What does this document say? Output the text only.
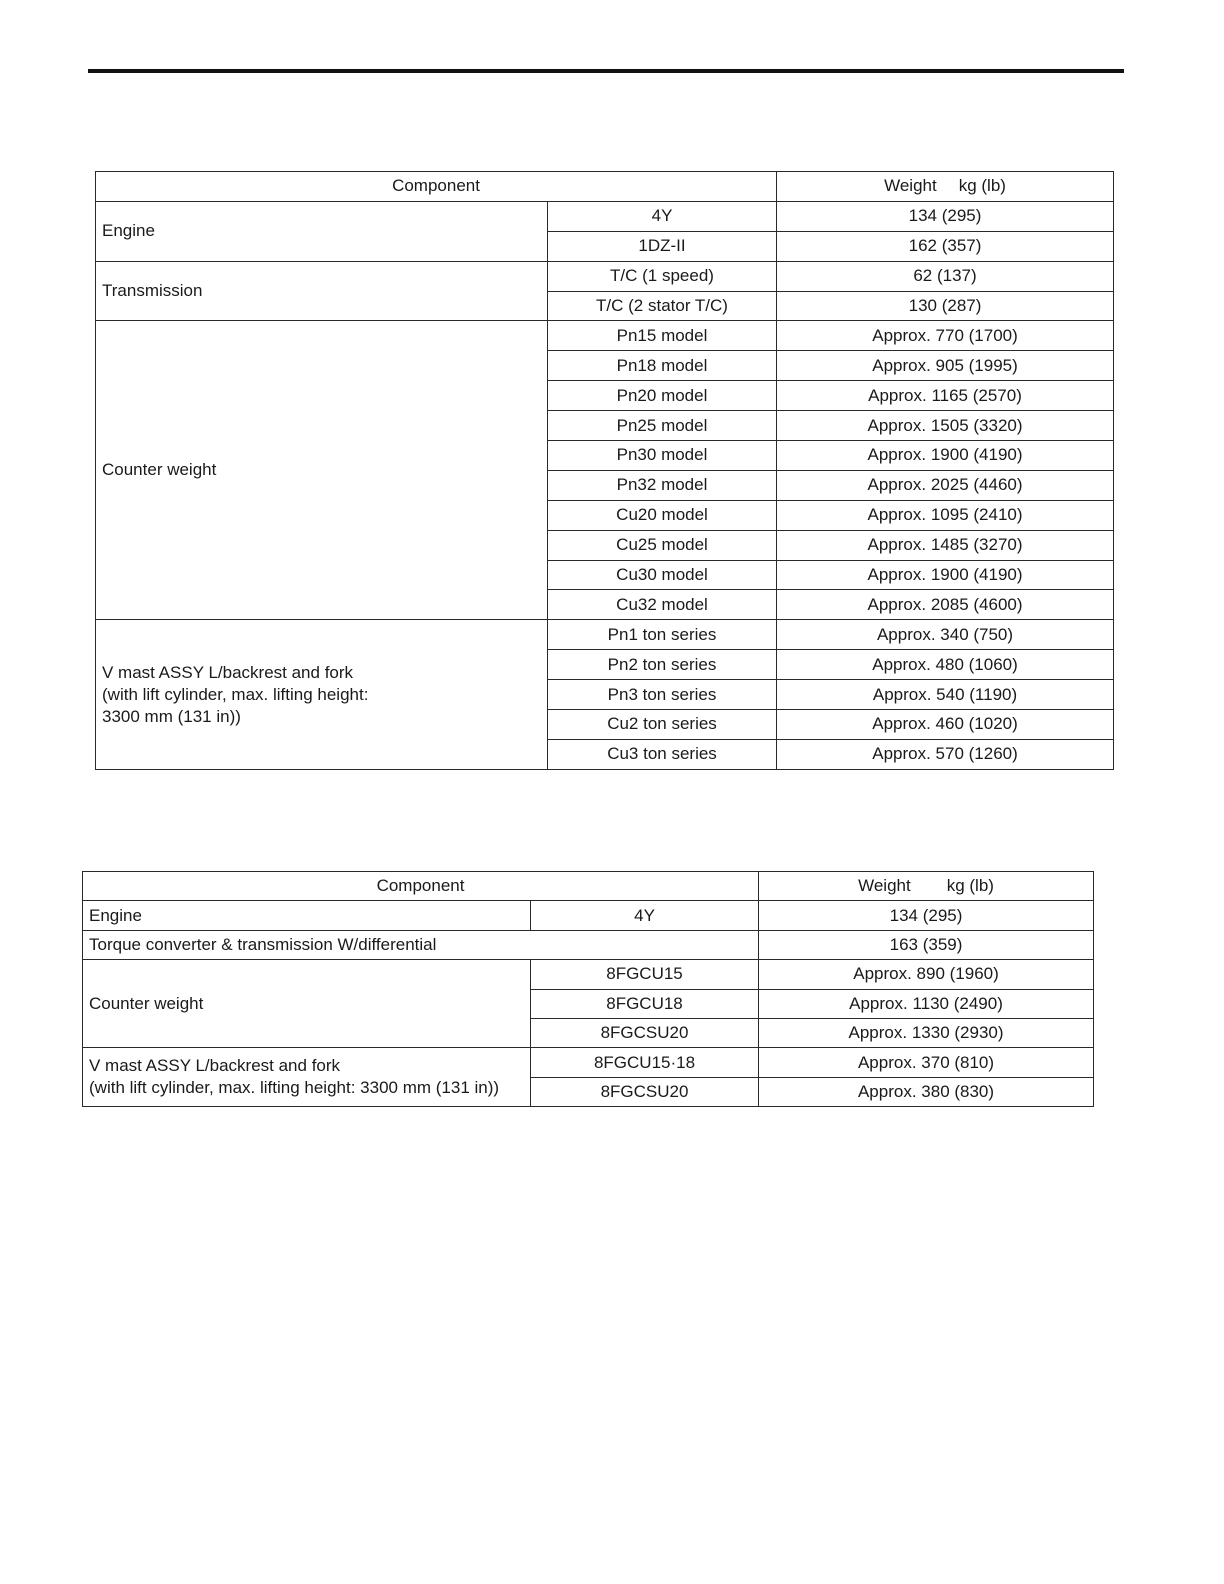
Component		Weight kg (lb)
Engine	4Y	134 (295)
	1DZ-II	162 (357)
Transmission	T/C (1 speed)	62 (137)
	T/C (2 stator T/C)	130 (287)
Counter weight	Pn15 model	Approx. 770 (1700)
	Pn18 model	Approx. 905 (1995)
	Pn20 model	Approx. 1165 (2570)
	Pn25 model	Approx. 1505 (3320)
	Pn30 model	Approx. 1900 (4190)
	Pn32 model	Approx. 2025 (4460)
	Cu20 model	Approx. 1095 (2410)
	Cu25 model	Approx. 1485 (3270)
	Cu30 model	Approx. 1900 (4190)
	Cu32 model	Approx. 2085 (4600)
V mast ASSY L/backrest and fork
(with lift cylinder, max. lifting height:
3300 mm (131 in))	Pn1 ton series	Approx. 340 (750)
	Pn2 ton series	Approx. 480 (1060)
	Pn3 ton series	Approx. 540 (1190)
	Cu2 ton series	Approx. 460 (1020)
	Cu3 ton series	Approx. 570 (1260)
Component		Weight kg (lb)
Engine	4Y	134 (295)
Torque converter & transmission W/differential		163 (359)
Counter weight	8FGCU15	Approx. 890 (1960)
	8FGCU18	Approx. 1130 (2490)
	8FGCSU20	Approx. 1330 (2930)
V mast ASSY L/backrest and fork
(with lift cylinder, max. lifting height: 3300 mm (131 in))	8FGCU15·18	Approx. 370 (810)
	8FGCSU20	Approx. 380 (830)
